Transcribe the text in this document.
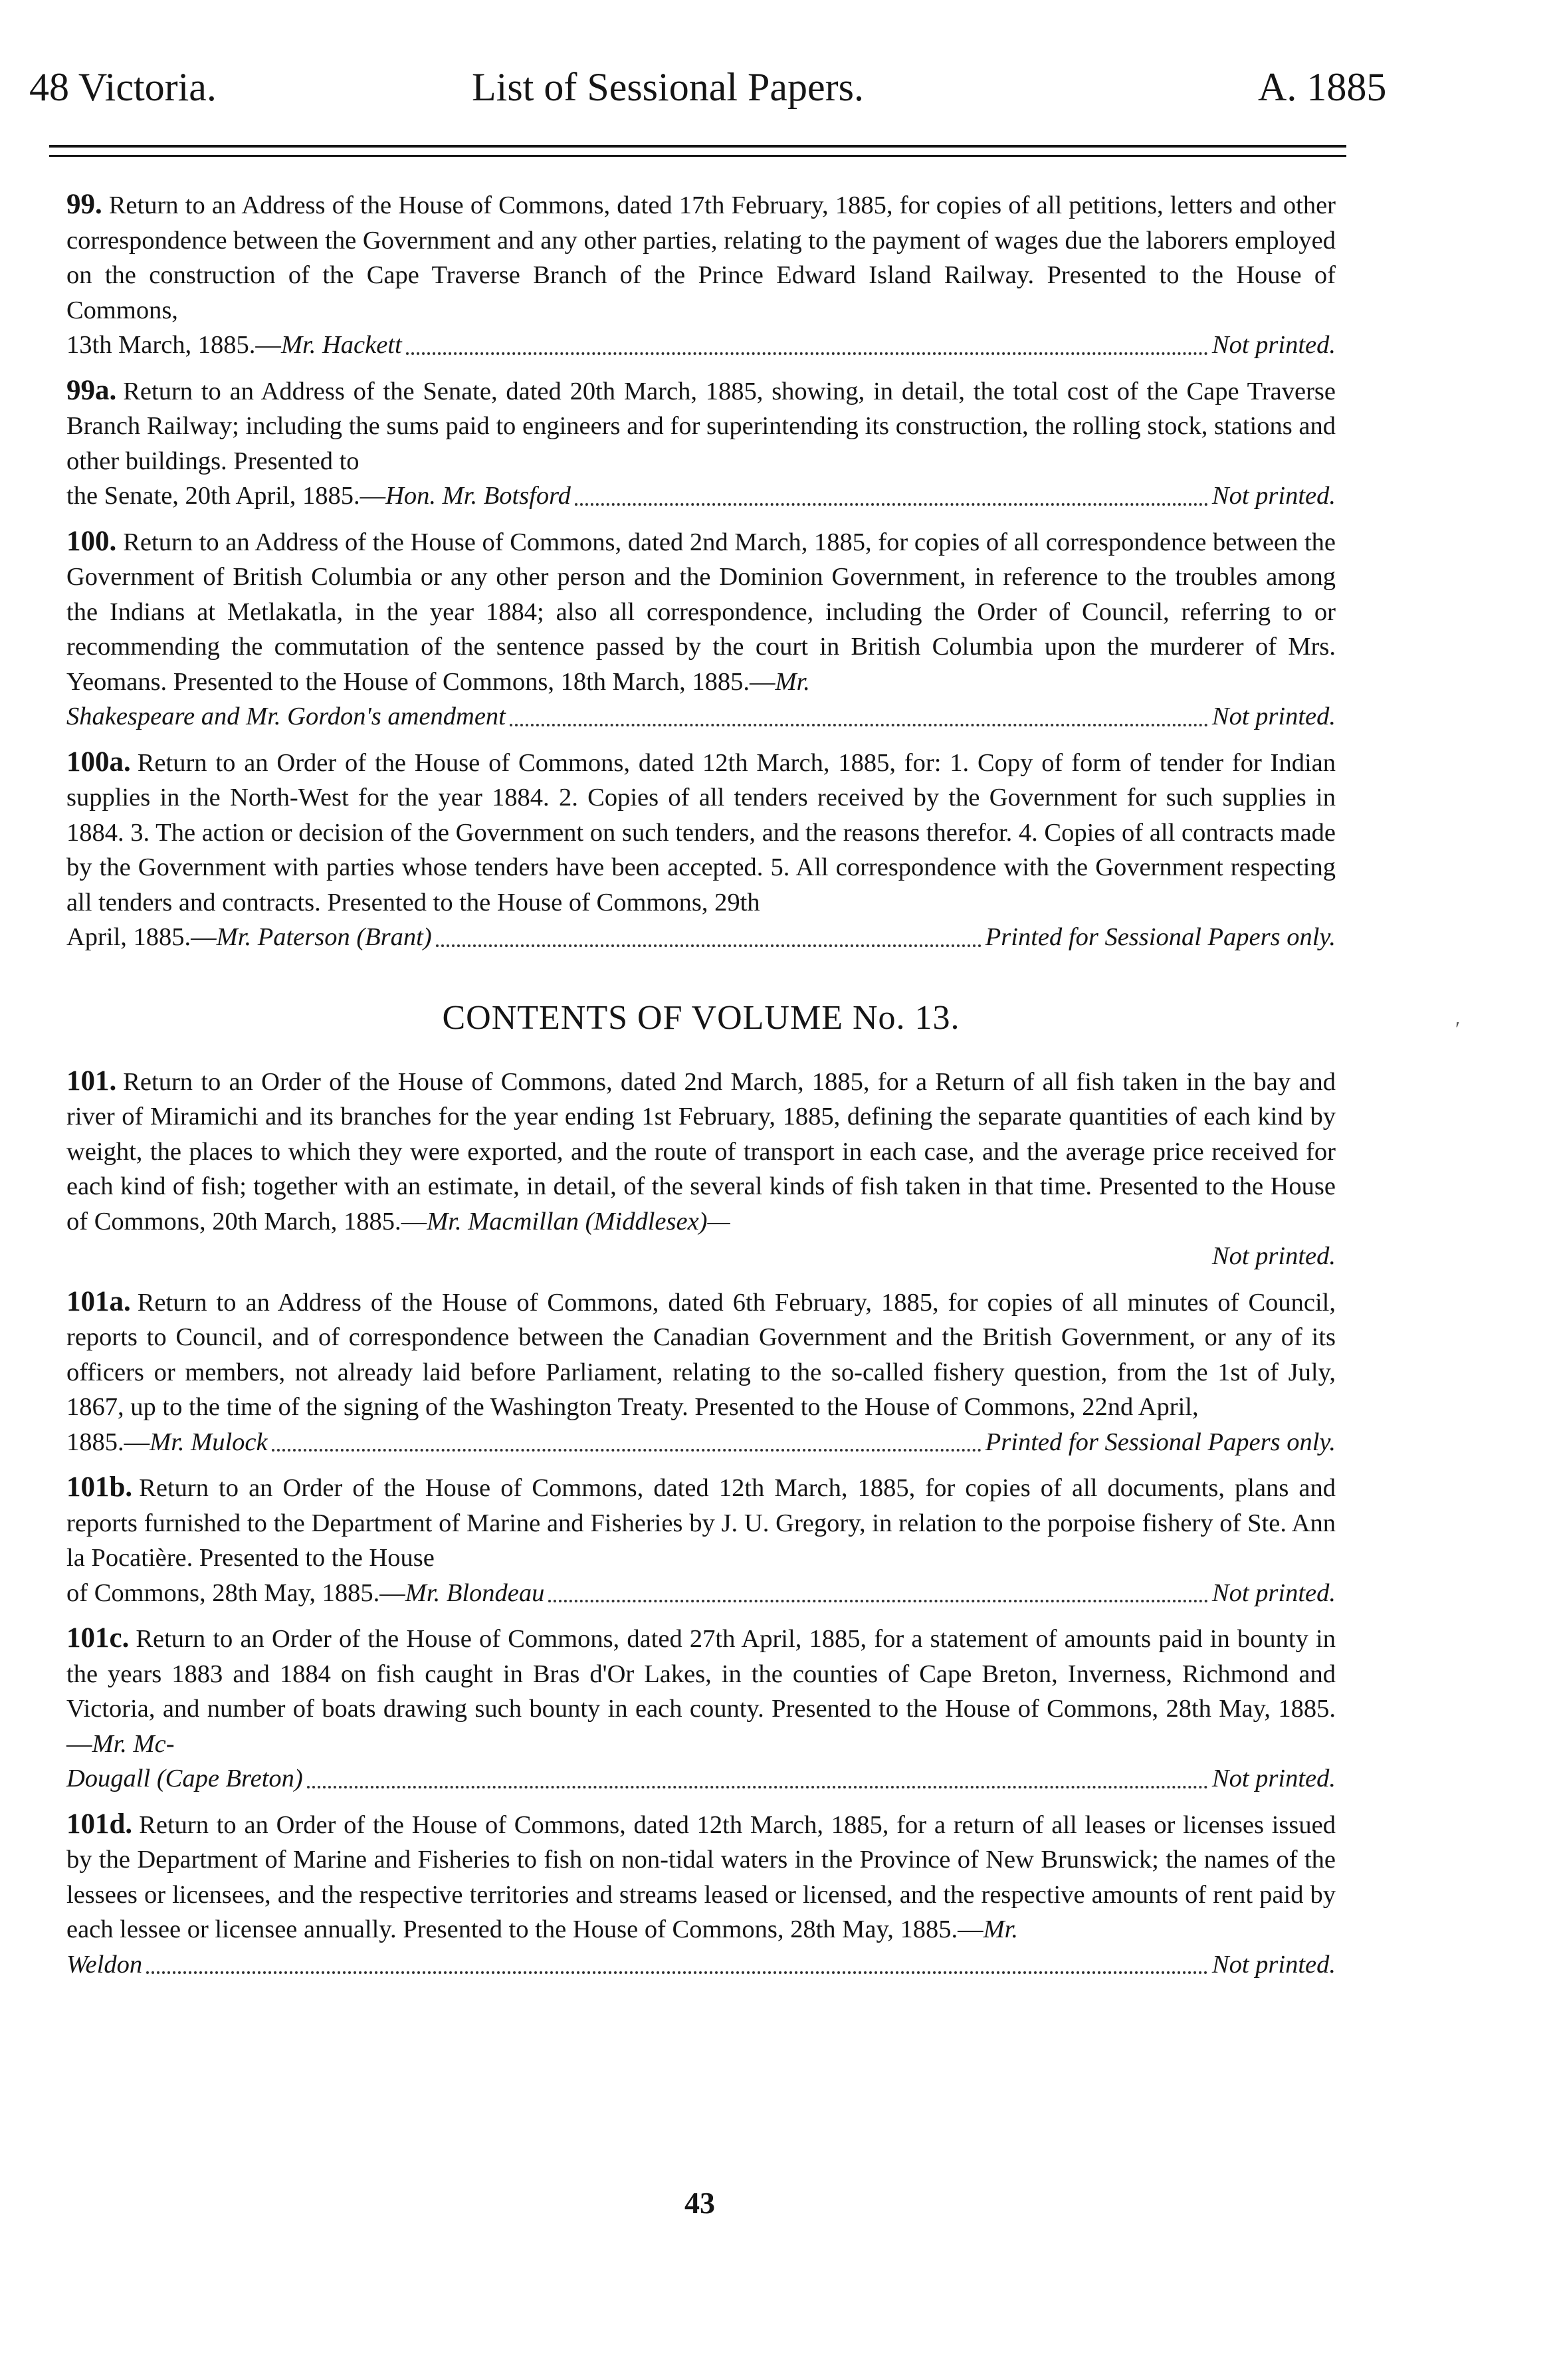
48 Victoria.	List of Sessional Papers.	A. 1885
99. Return to an Address of the House of Commons, dated 17th February, 1885, for copies of all petitions, letters and other correspondence between the Government and any other parties, relating to the payment of wages due the laborers employed on the construction of the Cape Traverse Branch of the Prince Edward Island Railway. Presented to the House of Commons,
13th March, 1885.— Mr. Hackett	Not printed.
99a. Return to an Address of the Senate, dated 20th March, 1885, showing, in detail, the total cost of the Cape Traverse Branch Railway; including the sums paid to engineers and for superintending its construction, the rolling stock, stations and other buildings. Presented to
the Senate, 20th April, 1885.— Hon. Mr. Botsford	Not printed.
100. Return to an Address of the House of Commons, dated 2nd March, 1885, for copies of all correspondence between the Government of British Columbia or any other person and the Dominion Government, in reference to the troubles among the Indians at Metlakatla, in the year 1884; also all correspondence, including the Order of Council, referring to or recommending the commutation of the sentence passed by the court in British Columbia upon the murderer of Mrs. Yeomans. Presented to the House of Commons, 18th March, 1885.—Mr.
Shakespeare and Mr. Gordon's amendment	Not printed.
100a. Return to an Order of the House of Commons, dated 12th March, 1885, for: 1. Copy of form of tender for Indian supplies in the North-West for the year 1884. 2. Copies of all tenders received by the Government for such supplies in 1884. 3. The action or decision of the Government on such tenders, and the reasons therefor. 4. Copies of all contracts made by the Government with parties whose tenders have been accepted. 5. All correspondence with the Government respecting all tenders and contracts. Presented to the House of Commons, 29th
April, 1885.— Mr. Paterson (Brant)	Printed for Sessional Papers only.
CONTENTS OF VOLUME No. 13.
101. Return to an Order of the House of Commons, dated 2nd March, 1885, for a Return of all fish taken in the bay and river of Miramichi and its branches for the year ending 1st February, 1885, defining the separate quantities of each kind by weight, the places to which they were exported, and the route of transport in each case, and the average price received for each kind of fish; together with an estimate, in detail, of the several kinds of fish taken in that time. Presented to the House of Commons, 20th March, 1885.—Mr. Macmillan (Middlesex)—
Not printed.
101a. Return to an Address of the House of Commons, dated 6th February, 1885, for copies of all minutes of Council, reports to Council, and of correspondence between the Canadian Government and the British Government, or any of its officers or members, not already laid before Parliament, relating to the so-called fishery question, from the 1st of July, 1867, up to the time of the signing of the Washington Treaty. Presented to the House of Commons, 22nd April,
1885.— Mr. Mulock	Printed for Sessional Papers only.
101b. Return to an Order of the House of Commons, dated 12th March, 1885, for copies of all documents, plans and reports furnished to the Department of Marine and Fisheries by J. U. Gregory, in relation to the porpoise fishery of Ste. Ann la Pocatière. Presented to the House
of Commons, 28th May, 1885.— Mr. Blondeau	Not printed.
101c. Return to an Order of the House of Commons, dated 27th April, 1885, for a statement of amounts paid in bounty in the years 1883 and 1884 on fish caught in Bras d'Or Lakes, in the counties of Cape Breton, Inverness, Richmond and Victoria, and number of boats drawing such bounty in each county. Presented to the House of Commons, 28th May, 1885.—Mr. Mc-
Dougall (Cape Breton)	Not printed.
101d. Return to an Order of the House of Commons, dated 12th March, 1885, for a return of all leases or licenses issued by the Department of Marine and Fisheries to fish on non-tidal waters in the Province of New Brunswick; the names of the lessees or licensees, and the respective territories and streams leased or licensed, and the respective amounts of rent paid by each lessee or licensee annually. Presented to the House of Commons, 28th May, 1885.—Mr.
Weldon	Not printed.
43
ʹ
